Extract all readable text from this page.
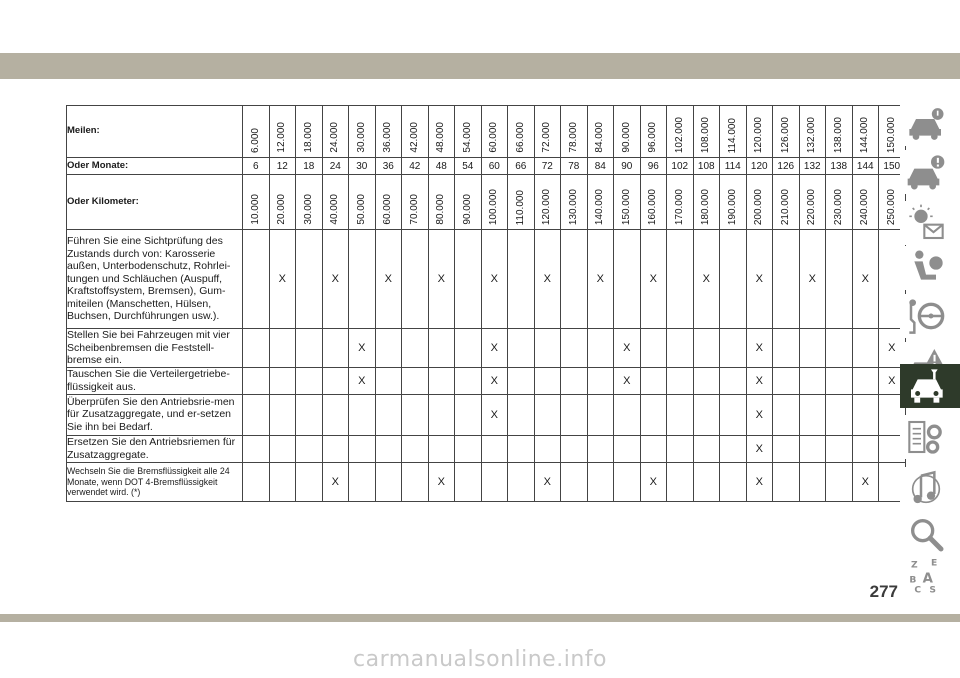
Meilen:	6.000	12.000	18.000	24.000	30.000	36.000	42.000	48.000	54.000	60.000	66.000	72.000	78.000	84.000	90.000	96.000	102.000	108.000	114.000	120.000	126.000	132.000	138.000	144.000	150.000

Oder Monate:	6	12	18	24	30	36	42	48	54	60	66	72	78	84	90	96	102	108	114	120	126	132	138	144	150
Oder Kilometer:	10.000	20.000	30.000	40.000	50.000	60.000	70.000	80.000	90.000	100.000	110.000	120.000	130.000	140.000	150.000	160.000	170.000	180.000	190.000	200.000	210.000	220.000	230.000	240.000	250.000

Führen Sie eine Sichtprüfung des Zustands durch von: Karosserie außen, Unterbodenschutz, Rohrlei-tungen und Schläuchen (Auspuff, Kraftstoffsystem, Bremsen), Gum-miteilen (Manschetten, Hülsen, Buchsen, Durchführungen usw.).		X		X		X		X		X		X		X		X		X		X		X		X	
Stellen Sie bei Fahrzeugen mit vier Scheibenbremsen die Feststell-bremse ein.					X					X					X					X					X
Tauschen Sie die Verteilergetriebe-flüssigkeit aus.					X					X					X					X					X
Überprüfen Sie den Antriebsrie-men für Zusatzaggregate, und er-setzen Sie ihn bei Bedarf.										X										X					
Ersetzen Sie den Antriebsriemen für Zusatzaggregate.																				X					
Wechseln Sie die Bremsflüssigkeit alle 24 Monate, wenn DOT 4-Bremsflüssigkeit verwendet wird. (*)				X				X				X				X				X				X	
Z E
B A
C S
277
carmanualsonline.info
